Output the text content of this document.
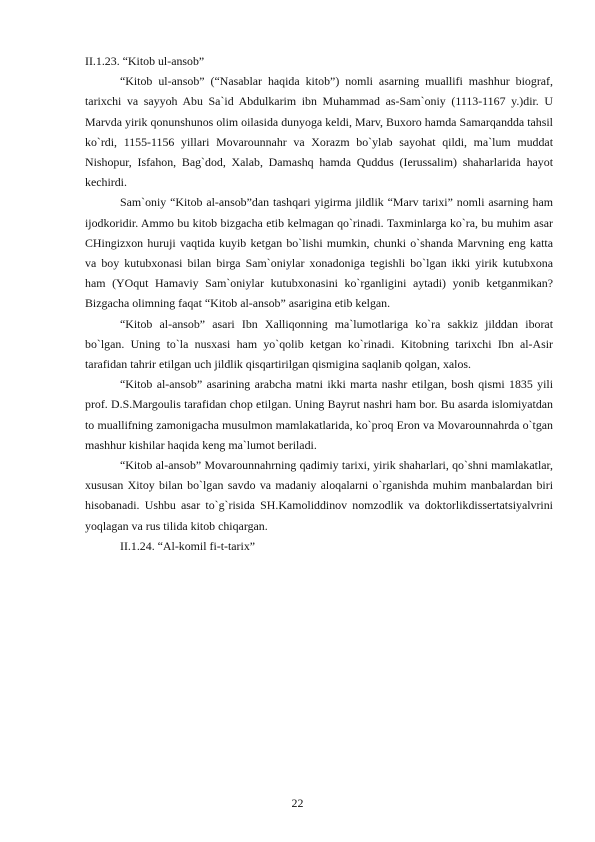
II.1.23. “Kitob ul-ansob”

“Kitob ul-ansob” (“Nasablar haqida kitob”) nomli asarning muallifi mashhur biograf, tarixchi va sayyoh Abu Sa`id Abdulkarim ibn Muhammad as-Sam`oniy (1113-1167 y.)dir. U Marvda yirik qonunshunos olim oilasida dunyoga keldi, Marv, Buxoro hamda Samarqandda tahsil ko`rdi, 1155-1156 yillari Movarounnahr va Xorazm bo`ylab sayohat qildi, ma`lum muddat Nishopur, Isfahon, Bag`dod, Xalab, Damashq hamda Quddus (Ierussalim) shaharlarida hayot kechirdi.

Sam`oniy “Kitob al-ansob”dan tashqari yigirma jildlik “Marv tarixi” nomli asarning ham ijodkoridir. Ammo bu kitob bizgacha etib kelmagan qo`rinadi. Taxminlarga ko`ra, bu muhim asar CHingizxon huruji vaqtida kuyib ketgan bo`lishi mumkin, chunki o`shanda Marvning eng katta va boy kutubxonasi bilan birga Sam`oniylar xonadoniga tegishli bo`lgan ikki yirik kutubxona ham (YOqut Hamaviy Sam`oniylar kutubxonasini ko`rganligini aytadi) yonib ketganmikan? Bizgacha olimning faqat “Kitob al-ansob” asarigina etib kelgan.

“Kitob al-ansob” asari Ibn Xalliqonning ma`lumotlariga ko`ra sakkiz jilddan iborat bo`lgan. Uning to`la nusxasi ham yo`qolib ketgan ko`rinadi. Kitobning tarixchi Ibn al-Asir tarafidan tahrir etilgan uch jildlik qisqartirilgan qismigina saqlanib qolgan, xalos.

“Kitob al-ansob” asarining arabcha matni ikki marta nashr etilgan, bosh qismi 1835 yili prof. D.S.Margoulis tarafidan chop etilgan. Uning Bayrut nashri ham bor. Bu asarda islomiyatdan to muallifning zamonigacha musulmon mamlakatlarida, ko`proq Eron va Movarounnahrda o`tgan mashhur kishilar haqida keng ma`lumot beriladi.

“Kitob al-ansob” Movarounnahrning qadimiy tarixi, yirik shaharlari, qo`shni mamlakatlar, xususan Xitoy bilan bo`lgan savdo va madaniy aloqalarni o`rganishda muhim manbalardan biri hisobanadi. Ushbu asar to`g`risida SH.Kamoliddinov nomzodlik va doktorlikdissertatsiyalvrini yoqlagan va rus tilida kitob chiqargan.

II.1.24. “Al-komil fi-t-tarix”

22
